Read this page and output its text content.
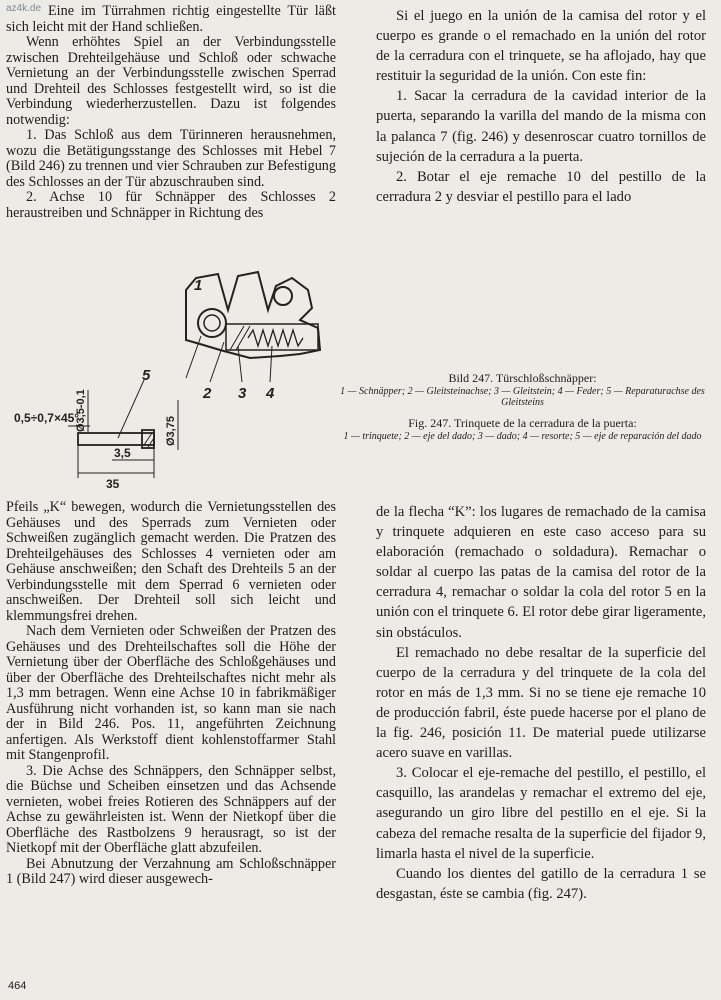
az4k.de Eine im Türrahmen richtig eingestellte Tür läßt sich leicht mit der Hand schließen.

Wenn erhöhtes Spiel an der Verbindungsstelle zwischen Drehteilgehäuse und Schloß oder schwache Vernietung an der Verbindungsstelle zwischen Sperrad und Drehteil des Schlosses festgestellt wird, so ist die Verbindung wiederherzustellen. Dazu ist folgendes notwendig:

1. Das Schloß aus dem Türinneren herausnehmen, wozu die Betätigungsstange des Schlosses mit Hebel 7 (Bild 246) zu trennen und vier Schrauben zur Befestigung des Schlosses an der Tür abzuschrauben sind.

2. Achse 10 für Schnäpper des Schlosses 2 heraustreiben und Schnäpper in Richtung des

Si el juego en la unión de la camisa del rotor y el cuerpo es grande o el remachado en la unión del rotor de la cerradura con el trinquete, se ha aflojado, hay que restituir la seguridad de la unión. Con este fin:

1. Sacar la cerradura de la cavidad interior de la puerta, separando la varilla del mando de la misma con la palanca 7 (fig. 246) y desenroscar cuatro tornillos de sujeción de la cerradura a la puerta.

2. Botar el eje remache 10 del pestillo de la cerradura 2 y desviar el pestillo para el lado

1
2 3 4
5
0,5÷0,7×45°
Ø3,5-0,1	Ø3,75
3,5
35
Bild 247. Türschloßschnäpper:
1 — Schnäpper; 2 — Gleitsteinachse; 3 — Gleitstein; 4 — Feder; 5 — Reparaturachse des Gleitsteins
Fig. 247. Trinquete de la cerradura de la puerta:
1 — trinquete; 2 — eje del dado; 3 — dado; 4 — resorte; 5 — eje de reparación del dado

Pfeils „K“ bewegen, wodurch die Vernietungsstellen des Gehäuses und des Sperrads zum Vernieten oder Schweißen zugänglich gemacht werden. Die Pratzen des Drehteilgehäuses des Schlosses 4 vernieten oder am Gehäuse anschweißen; den Schaft des Drehteils 5 an der Verbindungsstelle mit dem Sperrad 6 vernieten oder anschweißen. Der Drehteil soll sich leicht und klemmungsfrei drehen.

Nach dem Vernieten oder Schweißen der Pratzen des Gehäuses und des Drehteilschaftes soll die Höhe der Vernietung über der Oberfläche des Schloßgehäuses und über der Oberfläche des Drehteilschaftes nicht mehr als 1,3 mm betragen. Wenn eine Achse 10 in fabrikmäßiger Ausführung nicht vorhanden ist, so kann man sie nach der in Bild 246. Pos. 11, angeführten Zeichnung anfertigen. Als Werkstoff dient kohlenstoffarmer Stahl mit Stangenprofil.

3. Die Achse des Schnäppers, den Schnäpper selbst, die Büchse und Scheiben einsetzen und das Achsende vernieten, wobei freies Rotieren des Schnäppers auf der Achse zu gewährleisten ist. Wenn der Nietkopf über die Oberfläche des Rastbolzens 9 herausragt, so ist der Nietkopf mit der Oberfläche glatt abzufeilen.

Bei Abnutzung der Verzahnung am Schloßschnäpper 1 (Bild 247) wird dieser ausgewech-

de la flecha “K”: los lugares de remachado de la camisa y trinquete adquieren en este caso acceso para su elaboración (remachado o soldadura). Remachar o soldar al cuerpo las patas de la camisa del rotor de la cerradura 4, remachar o soldar la cola del rotor 5 en la unión con el trinquete 6. El rotor debe girar ligeramente, sin obstáculos.

El remachado no debe resaltar de la superficie del cuerpo de la cerradura y del trinquete de la cola del rotor en más de 1,3 mm. Si no se tiene eje remache 10 de producción fabril, éste puede hacerse por el plano de la fig. 246, posición 11. De material puede utilizarse acero suave en varillas.

3. Colocar el eje-remache del pestillo, el pestillo, el casquillo, las arandelas y remachar el extremo del eje, asegurando un giro libre del pestillo en el eje. Si la cabeza del remache resalta de la superficie del fijador 9, limarla hasta el nivel de la superficie.

Cuando los dientes del gatillo de la cerradura 1 se desgastan, éste se cambia (fig. 247).

464
